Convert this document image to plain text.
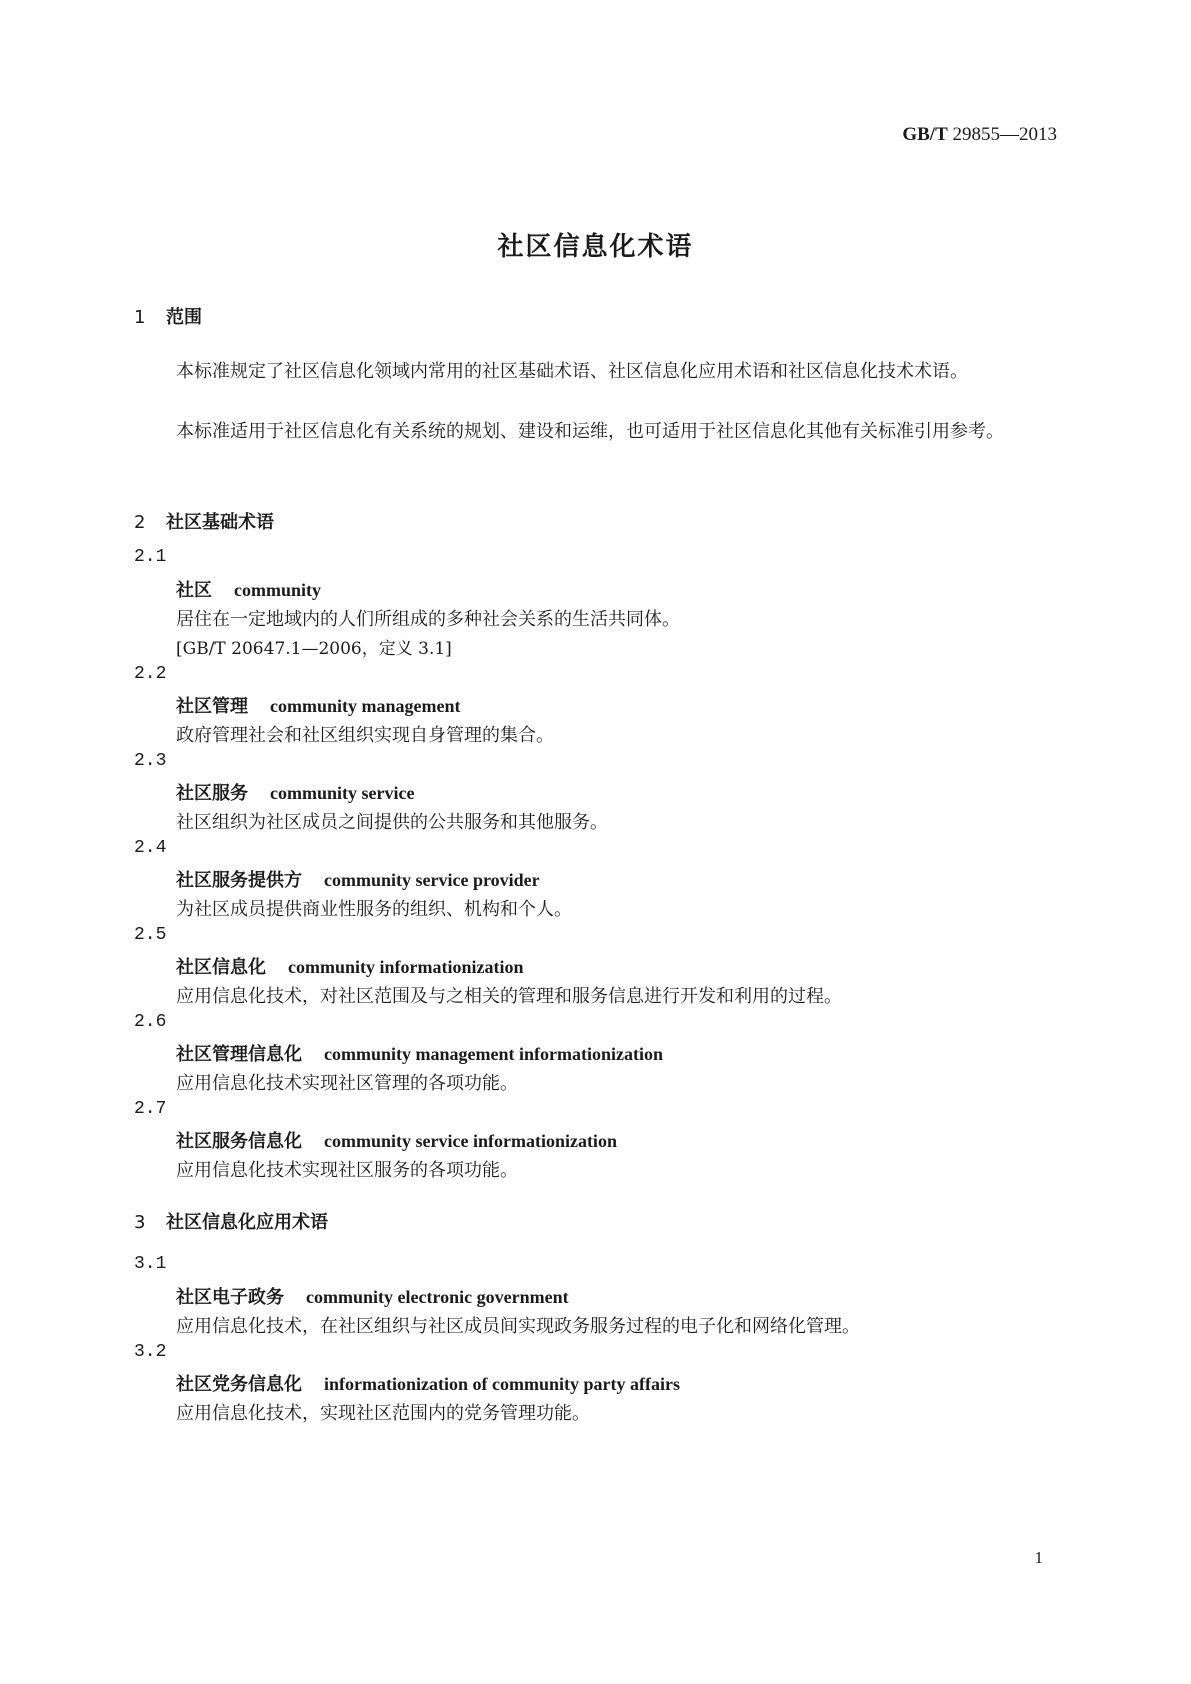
GB/T 29855—2013
社区信息化术语
1 范围
本标准规定了社区信息化领域内常用的社区基础术语、社区信息化应用术语和社区信息化技术术语。
本标准适用于社区信息化有关系统的规划、建设和运维，也可适用于社区信息化其他有关标准引用参考。
2 社区基础术语
2.1
社区 community
居住在一定地域内的人们所组成的多种社会关系的生活共同体。
[GB/T 20647.1—2006，定义 3.1]
2.2
社区管理 community management
政府管理社会和社区组织实现自身管理的集合。
2.3
社区服务 community service
社区组织为社区成员之间提供的公共服务和其他服务。
2.4
社区服务提供方 community service provider
为社区成员提供商业性服务的组织、机构和个人。
2.5
社区信息化 community informationization
应用信息化技术，对社区范围及与之相关的管理和服务信息进行开发和利用的过程。
2.6
社区管理信息化 community management informationization
应用信息化技术实现社区管理的各项功能。
2.7
社区服务信息化 community service informationization
应用信息化技术实现社区服务的各项功能。
3 社区信息化应用术语
3.1
社区电子政务 community electronic government
应用信息化技术，在社区组织与社区成员间实现政务服务过程的电子化和网络化管理。
3.2
社区党务信息化 informationization of community party affairs
应用信息化技术，实现社区范围内的党务管理功能。
1
